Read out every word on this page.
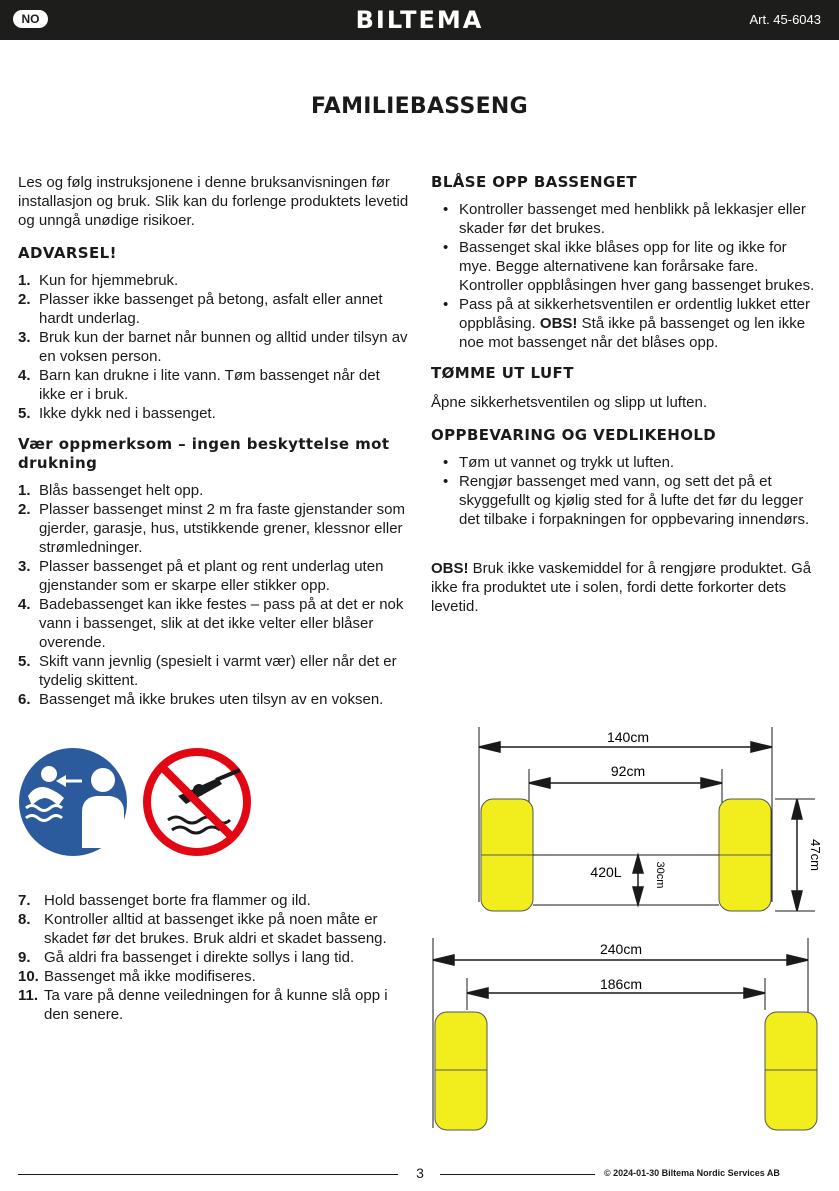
NO	BILTEMA	Art. 45-6043
FAMILIEBASSENG

Les og følg instruksjonene i denne bruksanvisningen før installasjon og bruk. Slik kan du forlenge produktets levetid og unngå unødige risikoer.

ADVARSEL!
1. Kun for hjemmebruk.
2. Plasser ikke bassenget på betong, asfalt eller annet hardt underlag.
3. Bruk kun der barnet når bunnen og alltid under tilsyn av en voksen person.
4. Barn kan drukne i lite vann. Tøm bassenget når det ikke er i bruk.
5. Ikke dykk ned i bassenget.
Vær oppmerksom – ingen beskyttelse mot drukning
1. Blås bassenget helt opp.
2. Plasser bassenget minst 2 m fra faste gjenstander som gjerder, garasje, hus, utstikkende grener, klessnor eller strømledninger.
3. Plasser bassenget på et plant og rent underlag uten gjenstander som er skarpe eller stikker opp.
4. Badebassenget kan ikke festes – pass på at det er nok vann i bassenget, slik at det ikke velter eller blåser overende.
5. Skift vann jevnlig (spesielt i varmt vær) eller når det er tydelig skittent.
6. Bassenget må ikke brukes uten tilsyn av en voksen.
7. Hold bassenget borte fra flammer og ild.
8. Kontroller alltid at bassenget ikke på noen måte er skadet før det brukes. Bruk aldri et skadet basseng.
9. Gå aldri fra bassenget i direkte sollys i lang tid.
10. Bassenget må ikke modifiseres.
11. Ta vare på denne veiledningen for å kunne slå opp i den senere.
BLÅSE OPP BASSENGET
• Kontroller bassenget med henblikk på lekkasjer eller skader før det brukes.
• Bassenget skal ikke blåses opp for lite og ikke for mye. Begge alternativene kan forårsake fare. Kontroller oppblåsingen hver gang bassenget brukes.
• Pass på at sikkerhetsventilen er ordentlig lukket etter oppblåsing. OBS! Stå ikke på bassenget og len ikke noe mot bassenget når det blåses opp.
TØMME UT LUFT

Åpne sikkerhetsventilen og slipp ut luften.

OPPBEVARING OG VEDLIKEHOLD
• Tøm ut vannet og trykk ut luften.
• Rengjør bassenget med vann, og sett det på et skyggefullt og kjølig sted for å lufte det før du legger det tilbake i forpakningen for oppbevaring innendørs.

OBS! Bruk ikke vaskemiddel for å rengjøre produktet. Gå ikke fra produktet ute i solen, fordi dette forkorter dets levetid.

140cm
92cm
420L	30cm
47cm
240cm
186cm
3	© 2024-01-30 Biltema Nordic Services AB
